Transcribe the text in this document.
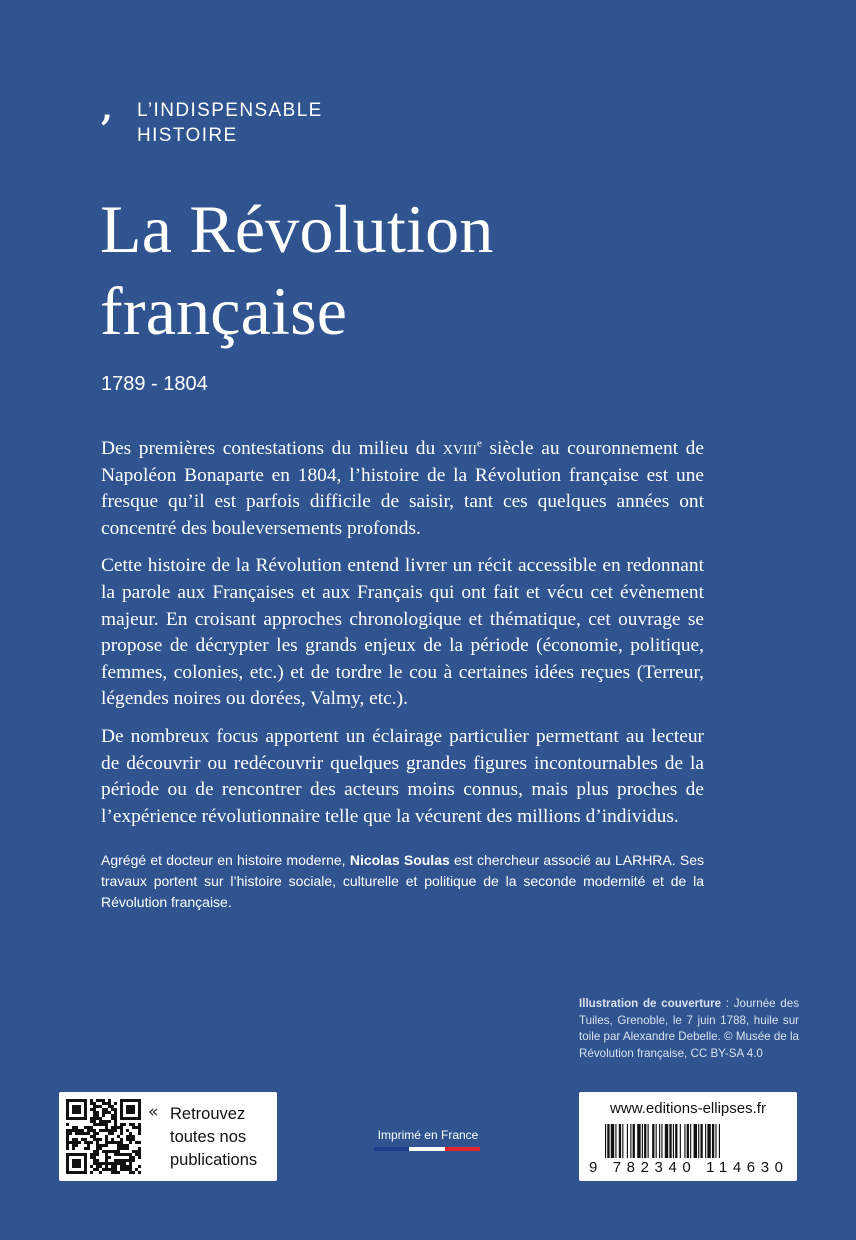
, L’INDISPENSABLE
HISTOIRE
La Révolution
française
1789 - 1804

Des premières contestations du milieu du xviii$^e$ siècle au couronnement de Napoléon Bonaparte en 1804, l’histoire de la Révolution française est une fresque qu’il est parfois difficile de saisir, tant ces quelques années ont concentré des bouleversements profonds.

Cette histoire de la Révolution entend livrer un récit accessible en redonnant la parole aux Françaises et aux Français qui ont fait et vécu cet évènement majeur. En croisant approches chronologique et thématique, cet ouvrage se propose de décrypter les grands enjeux de la période (économie, politique, femmes, colonies, etc.) et de tordre le cou à certaines idées reçues (Terreur, légendes noires ou dorées, Valmy, etc.).

De nombreux focus apportent un éclairage particulier permettant au lecteur de découvrir ou redécouvrir quelques grandes figures incontournables de la période ou de rencontrer des acteurs moins connus, mais plus proches de l’expérience révolutionnaire telle que la vécurent des millions d’individus.

Agrégé et docteur en histoire moderne, Nicolas Soulas est chercheur associé au LARHRA. Ses travaux portent sur l’histoire sociale, culturelle et politique de la seconde modernité et de la Révolution française.
Illustration de couverture : Journée des Tuiles, Grenoble, le 7 juin 1788, huile sur toile par Alexandre Debelle. © Musée de la Révolution française, CC BY-SA 4.0
« Retrouvez
toutes nos
publications
Imprimé en France
www.editions-ellipses.fr
9 782340 114630
